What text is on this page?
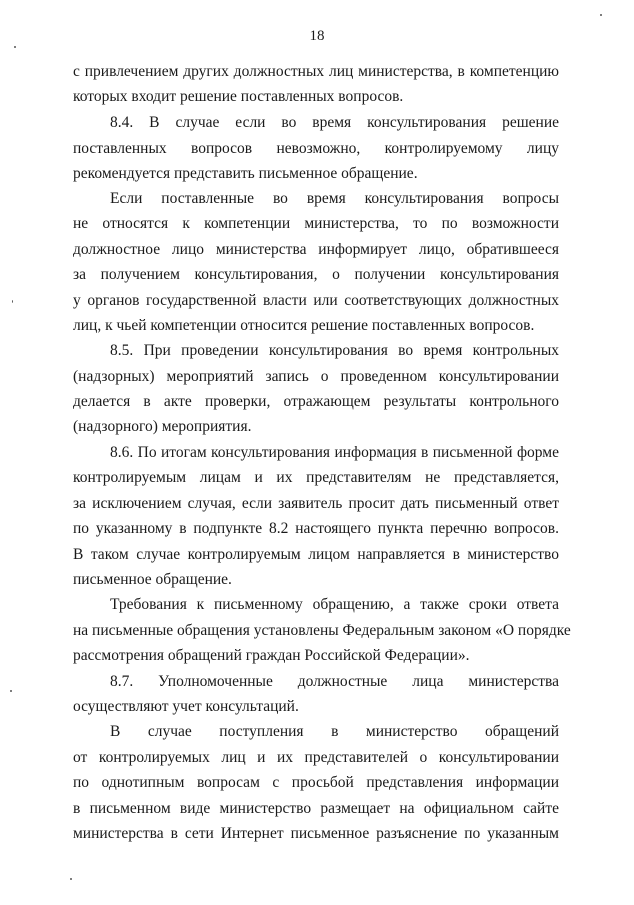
18
с привлечением других должностных лиц министерства, в компетенцию
которых входит решение поставленных вопросов.
8.4. В случае если во время консультирования решение
поставленных вопросов невозможно, контролируемому лицу
рекомендуется представить письменное обращение.
Если поставленные во время консультирования вопросы
не относятся к компетенции министерства, то по возможности
должностное лицо министерства информирует лицо, обратившееся
за получением консультирования, о получении консультирования
у органов государственной власти или соответствующих должностных
лиц, к чьей компетенции относится решение поставленных вопросов.
8.5. При проведении консультирования во время контрольных
(надзорных) мероприятий запись о проведенном консультировании
делается в акте проверки, отражающем результаты контрольного
(надзорного) мероприятия.
8.6. По итогам консультирования информация в письменной форме
контролируемым лицам и их представителям не представляется,
за исключением случая, если заявитель просит дать письменный ответ
по указанному в подпункте 8.2 настоящего пункта перечню вопросов.
В таком случае контролируемым лицом направляется в министерство
письменное обращение.
Требования к письменному обращению, а также сроки ответа
на письменные обращения установлены Федеральным законом «О порядке
рассмотрения обращений граждан Российской Федерации».
8.7. Уполномоченные должностные лица министерства
осуществляют учет консультаций.
В случае поступления в министерство обращений
от контролируемых лиц и их представителей о консультировании
по однотипным вопросам с просьбой представления информации
в письменном виде министерство размещает на официальном сайте
министерства в сети Интернет письменное разъяснение по указанным
